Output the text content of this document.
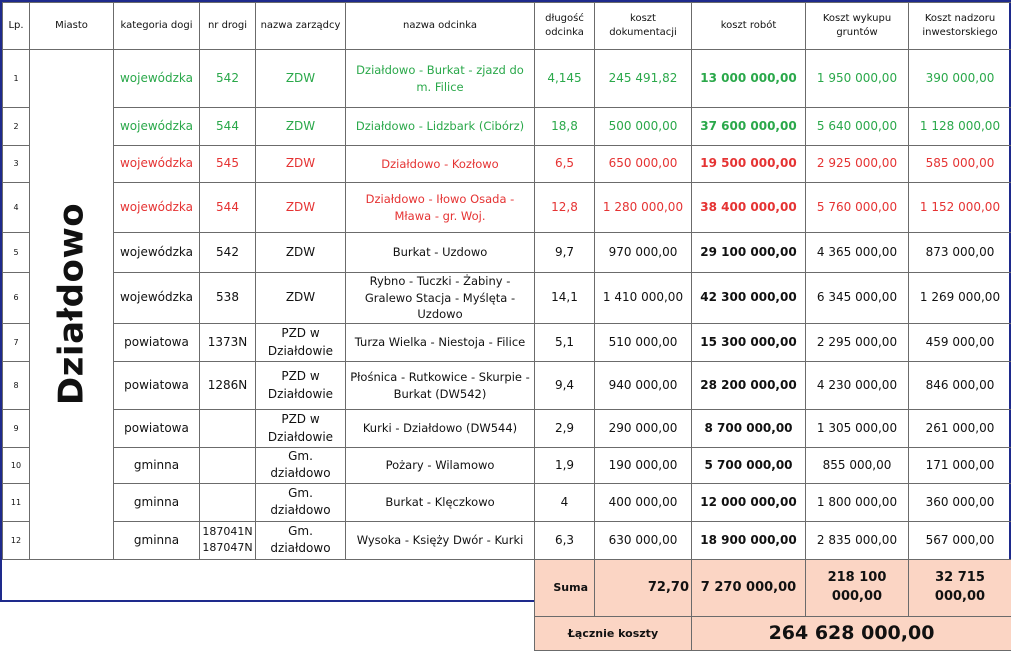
Lp.	Miasto	kategoria dogi	nr drogi	nazwa zarządcy	nazwa odcinka	długość odcinka	koszt dokumentacji	koszt robót	Koszt wykupu gruntów	Koszt nadzoru inwestorskiego	
1	Działdowo	wojewódzka	542	ZDW	Działdowo - Burkat - zjazd do m. Filice	4,145	245 491,82	13 000 000,00	1 950 000,00	390 000,00	
2		wojewódzka	544	ZDW	Działdowo - Lidzbark (Cibórz)	18,8	500 000,00	37 600 000,00	5 640 000,00	1 128 000,00	
3		wojewódzka	545	ZDW	Działdowo - Kozłowo	6,5	650 000,00	19 500 000,00	2 925 000,00	585 000,00	
4		wojewódzka	544	ZDW	Działdowo - Iłowo Osada - Mława - gr. Woj.	12,8	1 280 000,00	38 400 000,00	5 760 000,00	1 152 000,00	
5		wojewódzka	542	ZDW	Burkat - Uzdowo	9,7	970 000,00	29 100 000,00	4 365 000,00	873 000,00	
6		wojewódzka	538	ZDW	Rybno - Tuczki - Żabiny - Gralewo Stacja - Myślęta - Uzdowo	14,1	1 410 000,00	42 300 000,00	6 345 000,00	1 269 000,00	
7		powiatowa	1373N	PZD w Działdowie	Turza Wielka - Niestoja - Filice	5,1	510 000,00	15 300 000,00	2 295 000,00	459 000,00	
8		powiatowa	1286N	PZD w Działdowie	Płośnica - Rutkowice - Skurpie - Burkat (DW542)	9,4	940 000,00	28 200 000,00	4 230 000,00	846 000,00	
9		powiatowa		PZD w Działdowie	Kurki - Działdowo (DW544)	2,9	290 000,00	8 700 000,00	1 305 000,00	261 000,00	
10		gminna		Gm. działdowo	Pożary - Wilamowo	1,9	190 000,00	5 700 000,00	855 000,00	171 000,00	
11		gminna		Gm. działdowo	Burkat - Klęczkowo	4	400 000,00	12 000 000,00	1 800 000,00	360 000,00	
12		gminna	187041N 187047N	Gm. działdowo	Wysoka - Księży Dwór - Kurki	6,3	630 000,00	18 900 000,00	2 835 000,00	567 000,00	
						Suma	72,70	7 270 000,00	218 100 000,00	32 715 000,00	
						Łącznie koszty		264 628 000,00			
